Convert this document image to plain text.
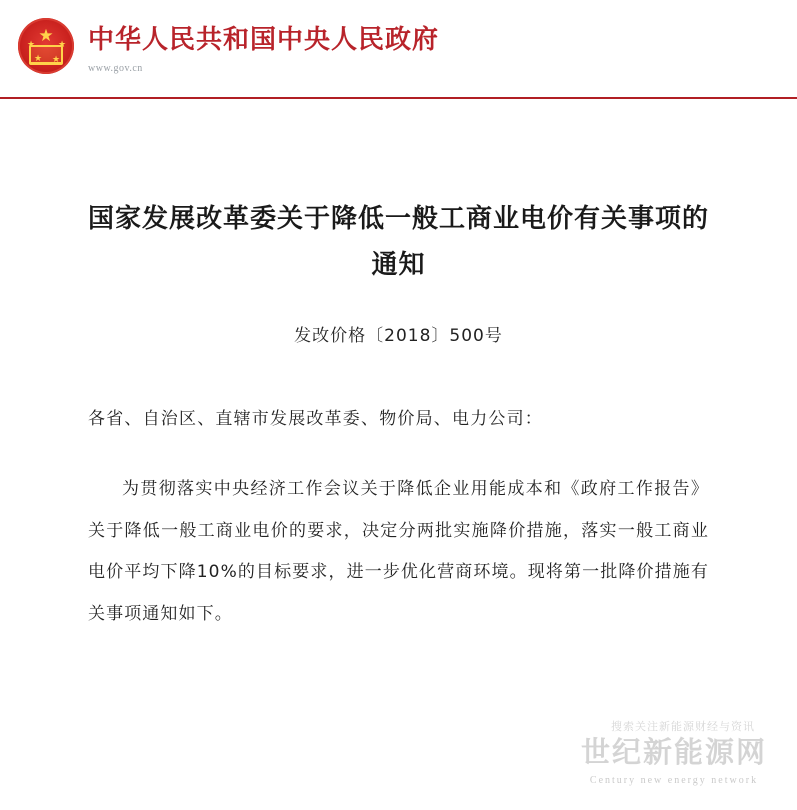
★
★	★
★ ★
中华人民共和国中央人民政府
www.gov.cn
国家发展改革委关于降低一般工商业电价有关事项的通知
发改价格〔2018〕500号
各省、自治区、直辖市发展改革委、物价局、电力公司：
为贯彻落实中央经济工作会议关于降低企业用能成本和《政府工作报告》关于降低一般工商业电价的要求，决定分两批实施降价措施，落实一般工商业电价平均下降10%的目标要求，进一步优化营商环境。现将第一批降价措施有关事项通知如下。
搜索关注新能源财经与资讯
世纪新能源网
Century new energy network
